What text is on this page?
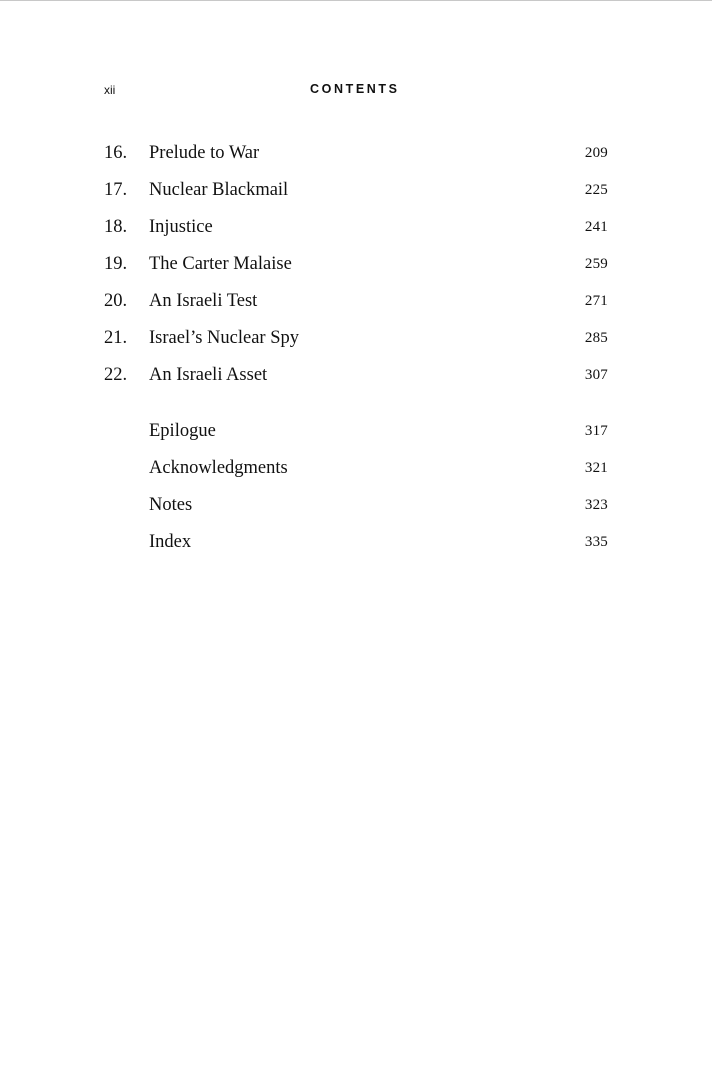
xii	CONTENTS
16. Prelude to War	209
17. Nuclear Blackmail	225
18. Injustice	241
19. The Carter Malaise	259
20. An Israeli Test	271
21. Israel’s Nuclear Spy	285
22. An Israeli Asset	307
Epilogue	317
Acknowledgments	321
Notes	323
Index	335
